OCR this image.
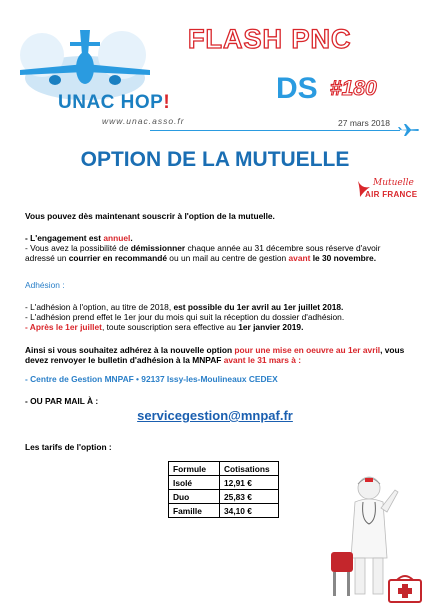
UNAC HOP!
www.unac.asso.fr
FLASH PNC
DS #180
27 mars 2018
OPTION DE LA MUTUELLE
Mutuelle
AIR FRANCE
Vous pouvez dès maintenant souscrir à l'option de la mutuelle.
- L'engagement est annuel.
- Vous avez la possibilité de démissionner chaque année au 31 décembre sous réserve d'avoir adressé un courrier en recommandé ou un mail au centre de gestion avant le 30 novembre.
Adhésion :
- L'adhésion à l'option, au titre de 2018, est possible du 1er avril au 1er juillet 2018.
- L'adhésion prend effet le 1er jour du mois qui suit la réception du dossier d'adhésion.
- Après le 1er juillet, toute souscription sera effective au 1er janvier 2019.
Ainsi si vous souhaitez adhérez à la nouvelle option pour une mise en oeuvre au 1er avril, vous devez renvoyer le bulletin d'adhésion à la MNPAF avant le 31 mars à :
- Centre de Gestion MNPAF • 92137 Issy-les-Moulineaux CEDEX
- OU PAR MAIL À :
servicegestion@mnpaf.fr
Les tarifs de l'option :
Formule	Cotisations
Isolé	12,91 €
Duo	25,83 €
Famille	34,10 €
